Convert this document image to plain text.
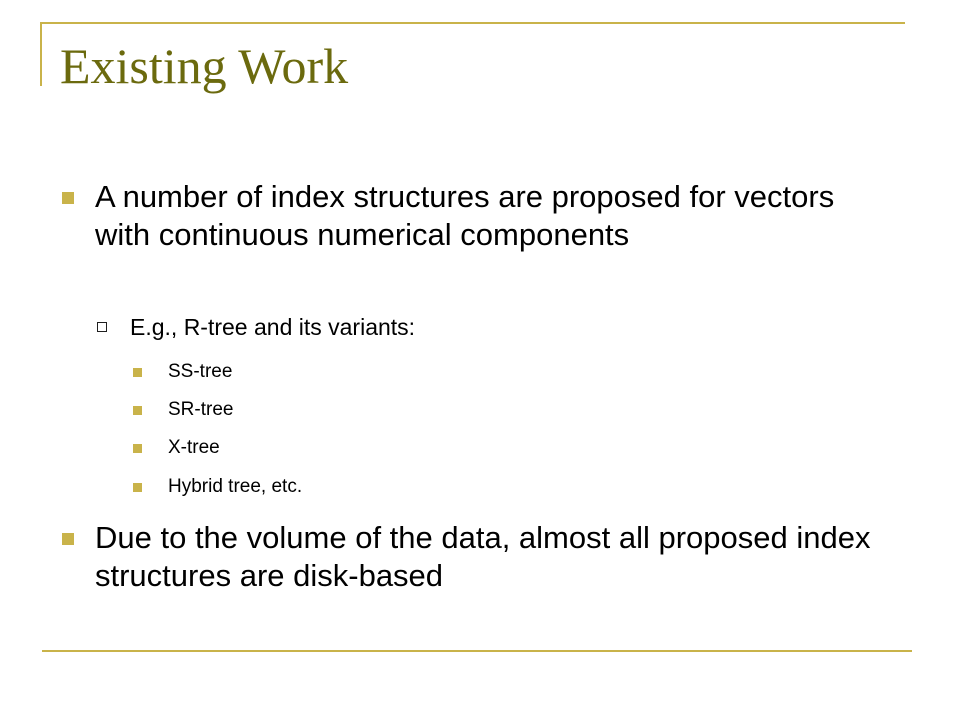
Existing Work
A number of index structures are proposed for vectors with continuous numerical components
E.g., R-tree and its variants:
SS-tree
SR-tree
X-tree
Hybrid tree, etc.
Due to the volume of the data, almost all proposed index structures are disk-based
